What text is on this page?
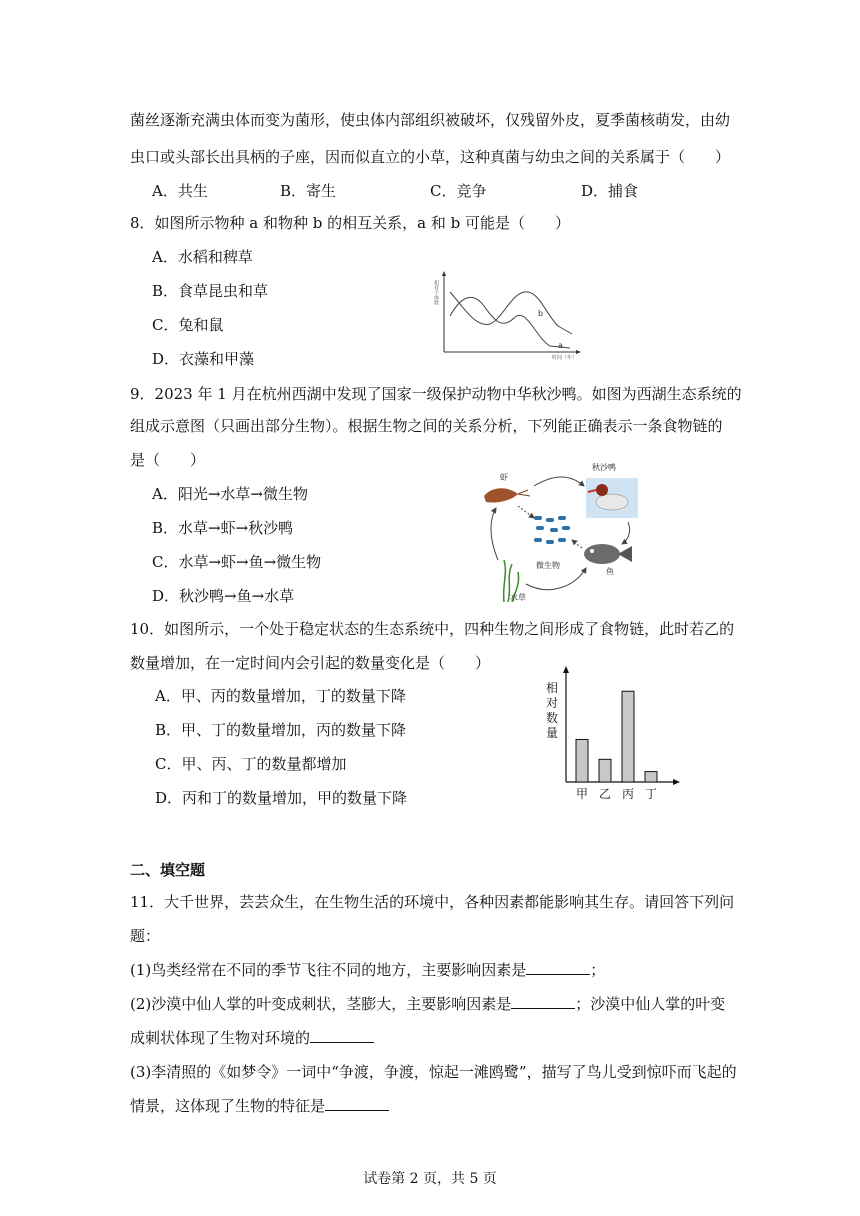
菌丝逐渐充满虫体而变为菌形，使虫体内部组织被破坏，仅残留外皮，夏季菌核萌发，由幼
虫口或头部长出具柄的子座，因而似直立的小草，这种真菌与幼虫之间的关系属于（　　）
A．共生	B．寄生	C．竞争	D．捕食
8．如图所示物种 a 和物种 b 的相互关系，a 和 b 可能是（　　）
A．水稻和稗草
B．食草昆虫和草
C．兔和鼠
D．衣藻和甲藻
相对个体数
时间（年）
b
a
9．2023 年 1 月在杭州西湖中发现了国家一级保护动物中华秋沙鸭。如图为西湖生态系统的
组成示意图（只画出部分生物）。根据生物之间的关系分析，下列能正确表示一条食物链的
是（　　）
A．阳光→水草→微生物
B．水草→虾→秋沙鸭
C．水草→虾→鱼→微生物
D．秋沙鸭→鱼→水草
虾
秋沙鸭
微生物
鱼
水草
10．如图所示，一个处于稳定状态的生态系统中，四种生物之间形成了食物链，此时若乙的
数量增加，在一定时间内会引起的数量变化是（　　）
A．甲、丙的数量增加，丁的数量下降
B．甲、丁的数量增加，丙的数量下降
C．甲、丙、丁的数量都增加
D．丙和丁的数量增加，甲的数量下降
相
对
数
量
甲 乙 丙 丁
二、填空题
11．大千世界，芸芸众生，在生物生活的环境中，各种因素都能影响其生存。请回答下列问
题：
(1)鸟类经常在不同的季节飞往不同的地方，主要影响因素是	；
(2)沙漠中仙人掌的叶变成刺状，茎膨大，主要影响因素是	；沙漠中仙人掌的叶变
成刺状体现了生物对环境的
(3)李清照的《如梦令》一词中“争渡，争渡，惊起一滩鸥鹭”，描写了鸟儿受到惊吓而飞起的
情景，这体现了生物的特征是
试卷第 2 页，共 5 页
